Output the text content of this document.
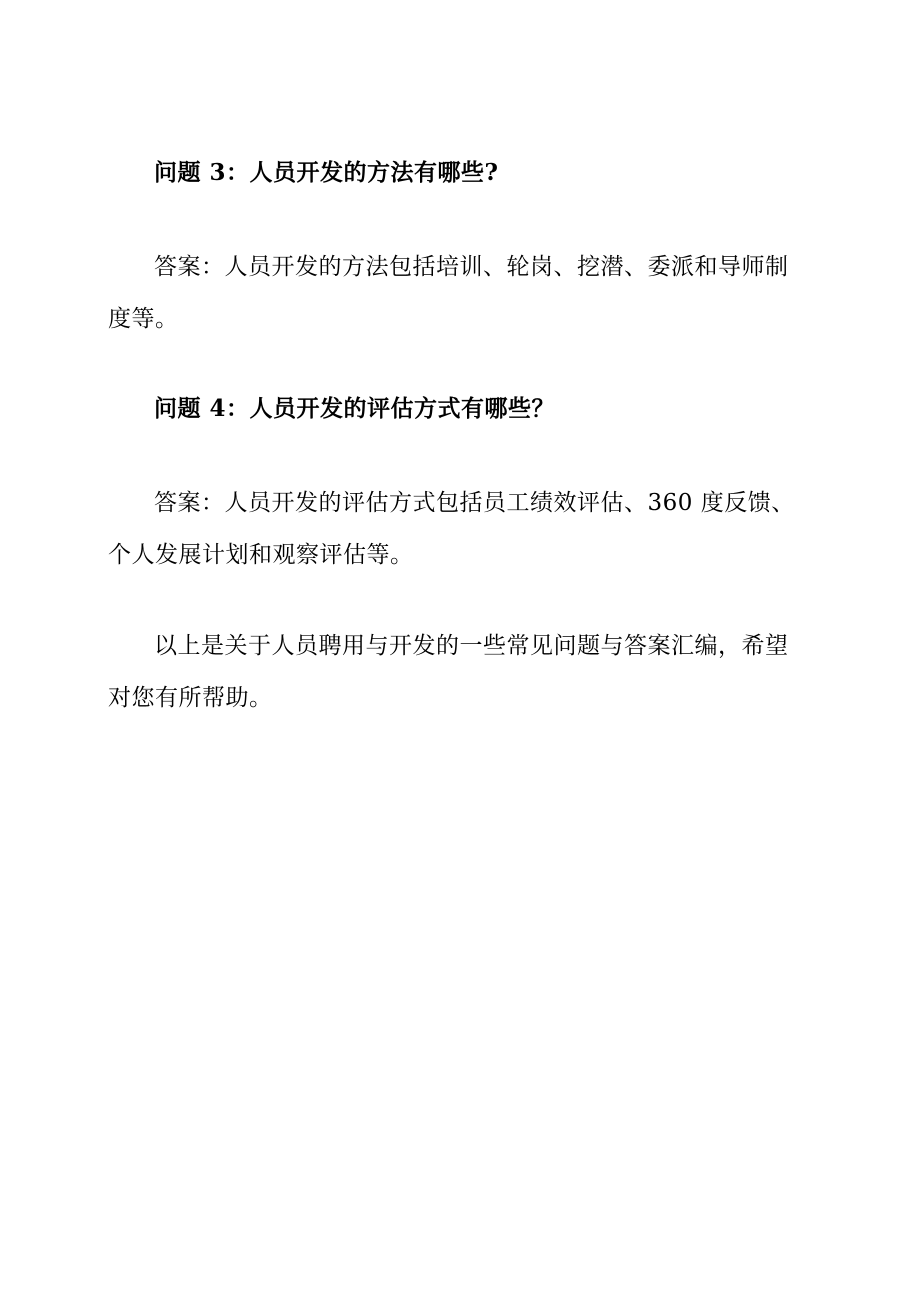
问题 3：人员开发的方法有哪些?

答案：人员开发的方法包括培训、轮岗、挖潜、委派和导师制度等。

问题 4：人员开发的评估方式有哪些？

答案：人员开发的评估方式包括员工绩效评估、360 度反馈、个人发展计划和观察评估等。

以上是关于人员聘用与开发的一些常见问题与答案汇编，希望对您有所帮助。
